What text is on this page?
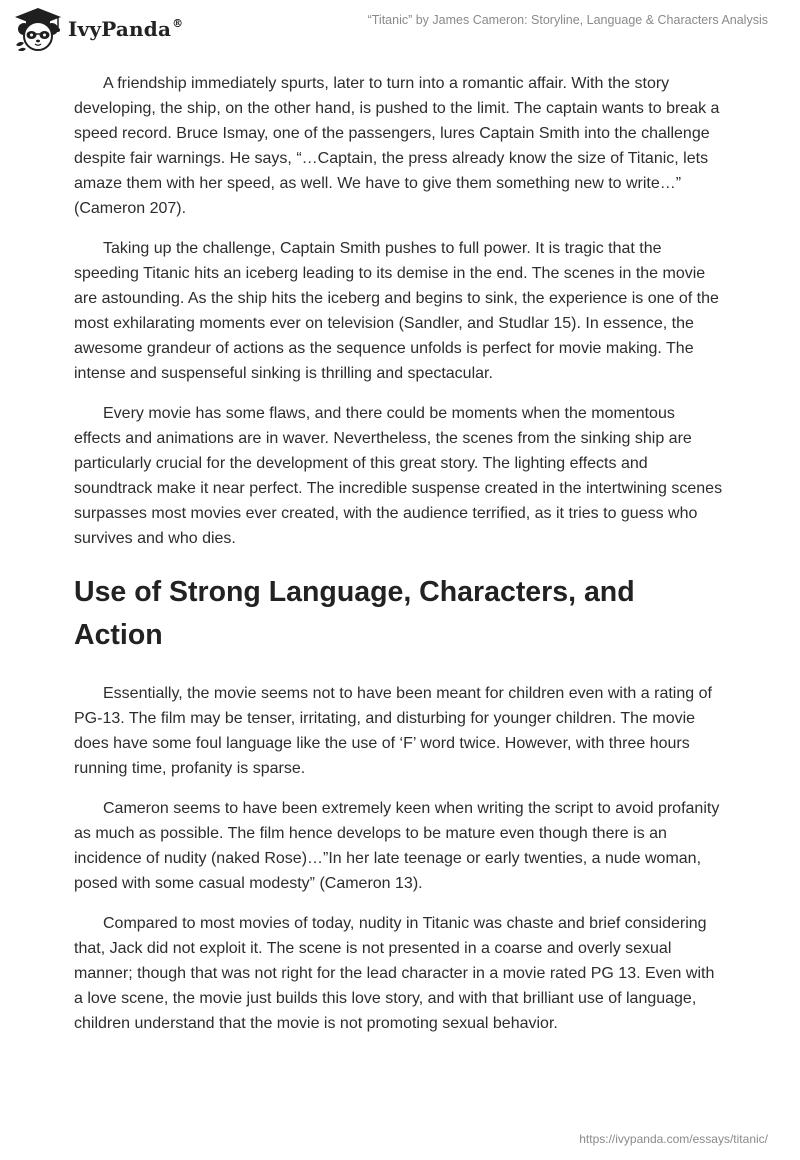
IvyPanda®	“Titanic” by James Cameron: Storyline, Language & Characters Analysis

A friendship immediately spurts, later to turn into a romantic affair. With the story developing, the ship, on the other hand, is pushed to the limit. The captain wants to break a speed record. Bruce Ismay, one of the passengers, lures Captain Smith into the challenge despite fair warnings. He says, “…Captain, the press already know the size of Titanic, lets amaze them with her speed, as well. We have to give them something new to write…” (Cameron 207).

Taking up the challenge, Captain Smith pushes to full power. It is tragic that the speeding Titanic hits an iceberg leading to its demise in the end. The scenes in the movie are astounding. As the ship hits the iceberg and begins to sink, the experience is one of the most exhilarating moments ever on television (Sandler, and Studlar 15). In essence, the awesome grandeur of actions as the sequence unfolds is perfect for movie making. The intense and suspenseful sinking is thrilling and spectacular.

Every movie has some flaws, and there could be moments when the momentous effects and animations are in waver. Nevertheless, the scenes from the sinking ship are particularly crucial for the development of this great story. The lighting effects and soundtrack make it near perfect. The incredible suspense created in the intertwining scenes surpasses most movies ever created, with the audience terrified, as it tries to guess who survives and who dies.

Use of Strong Language, Characters, and Action

Essentially, the movie seems not to have been meant for children even with a rating of PG-13. The film may be tenser, irritating, and disturbing for younger children. The movie does have some foul language like the use of ‘F’ word twice. However, with three hours running time, profanity is sparse.

Cameron seems to have been extremely keen when writing the script to avoid profanity as much as possible. The film hence develops to be mature even though there is an incidence of nudity (naked Rose)…”In her late teenage or early twenties, a nude woman, posed with some casual modesty” (Cameron 13).

Compared to most movies of today, nudity in Titanic was chaste and brief considering that, Jack did not exploit it. The scene is not presented in a coarse and overly sexual manner; though that was not right for the lead character in a movie rated PG 13. Even with a love scene, the movie just builds this love story, and with that brilliant use of language, children understand that the movie is not promoting sexual behavior.

https://ivypanda.com/essays/titanic/
